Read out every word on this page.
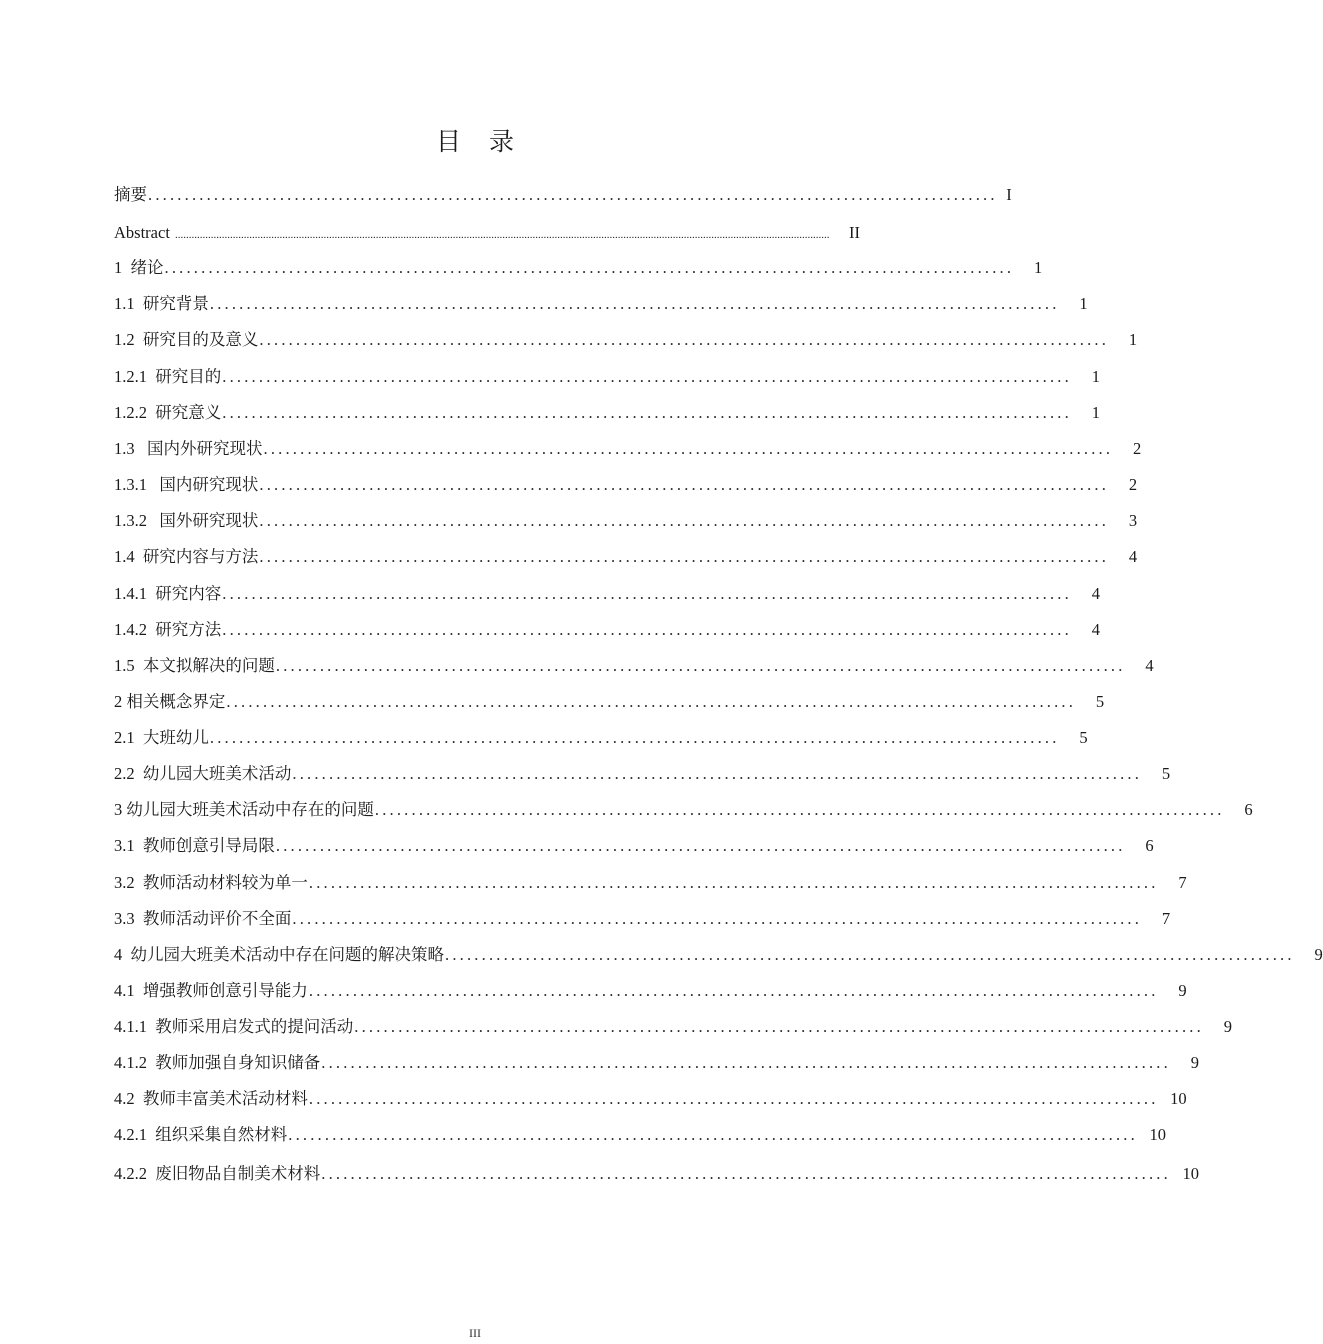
目 录
摘要 .................................................................................................................... I
Abstract ..............................................................................................................................................................................................................................................	II
1  绪论 ....................................................................................................................	1
1.1  研究背景 ....................................................................................................................	1
1.2  研究目的及意义 ....................................................................................................................	1
1.2.1  研究目的 ....................................................................................................................	1
1.2.2  研究意义 ....................................................................................................................	1
1.3   国内外研究现状 ....................................................................................................................	2
1.3.1   国内研究现状 ....................................................................................................................	2
1.3.2   国外研究现状 ....................................................................................................................	3
1.4  研究内容与方法 ....................................................................................................................	4
1.4.1  研究内容 ....................................................................................................................	4
1.4.2  研究方法 ....................................................................................................................	4
1.5  本文拟解决的问题 ....................................................................................................................	4
2 相关概念界定 ....................................................................................................................	5
2.1  大班幼儿 ....................................................................................................................	5
2.2  幼儿园大班美术活动 ....................................................................................................................	5
3 幼儿园大班美术活动中存在的问题 ....................................................................................................................	6
3.1  教师创意引导局限 ....................................................................................................................	6
3.2  教师活动材料较为单一 ....................................................................................................................	7
3.3  教师活动评价不全面 ....................................................................................................................	7
4  幼儿园大班美术活动中存在问题的解决策略 ....................................................................................................................	9
4.1  增强教师创意引导能力 ....................................................................................................................	9
4.1.1  教师采用启发式的提问活动 ....................................................................................................................	9
4.1.2  教师加强自身知识储备 ....................................................................................................................	9
4.2  教师丰富美术活动材料 .................................................................................................................... 10
4.2.1  组织采集自然材料 .................................................................................................................... 10
4.2.2  废旧物品自制美术材料 .................................................................................................................... 10
III
